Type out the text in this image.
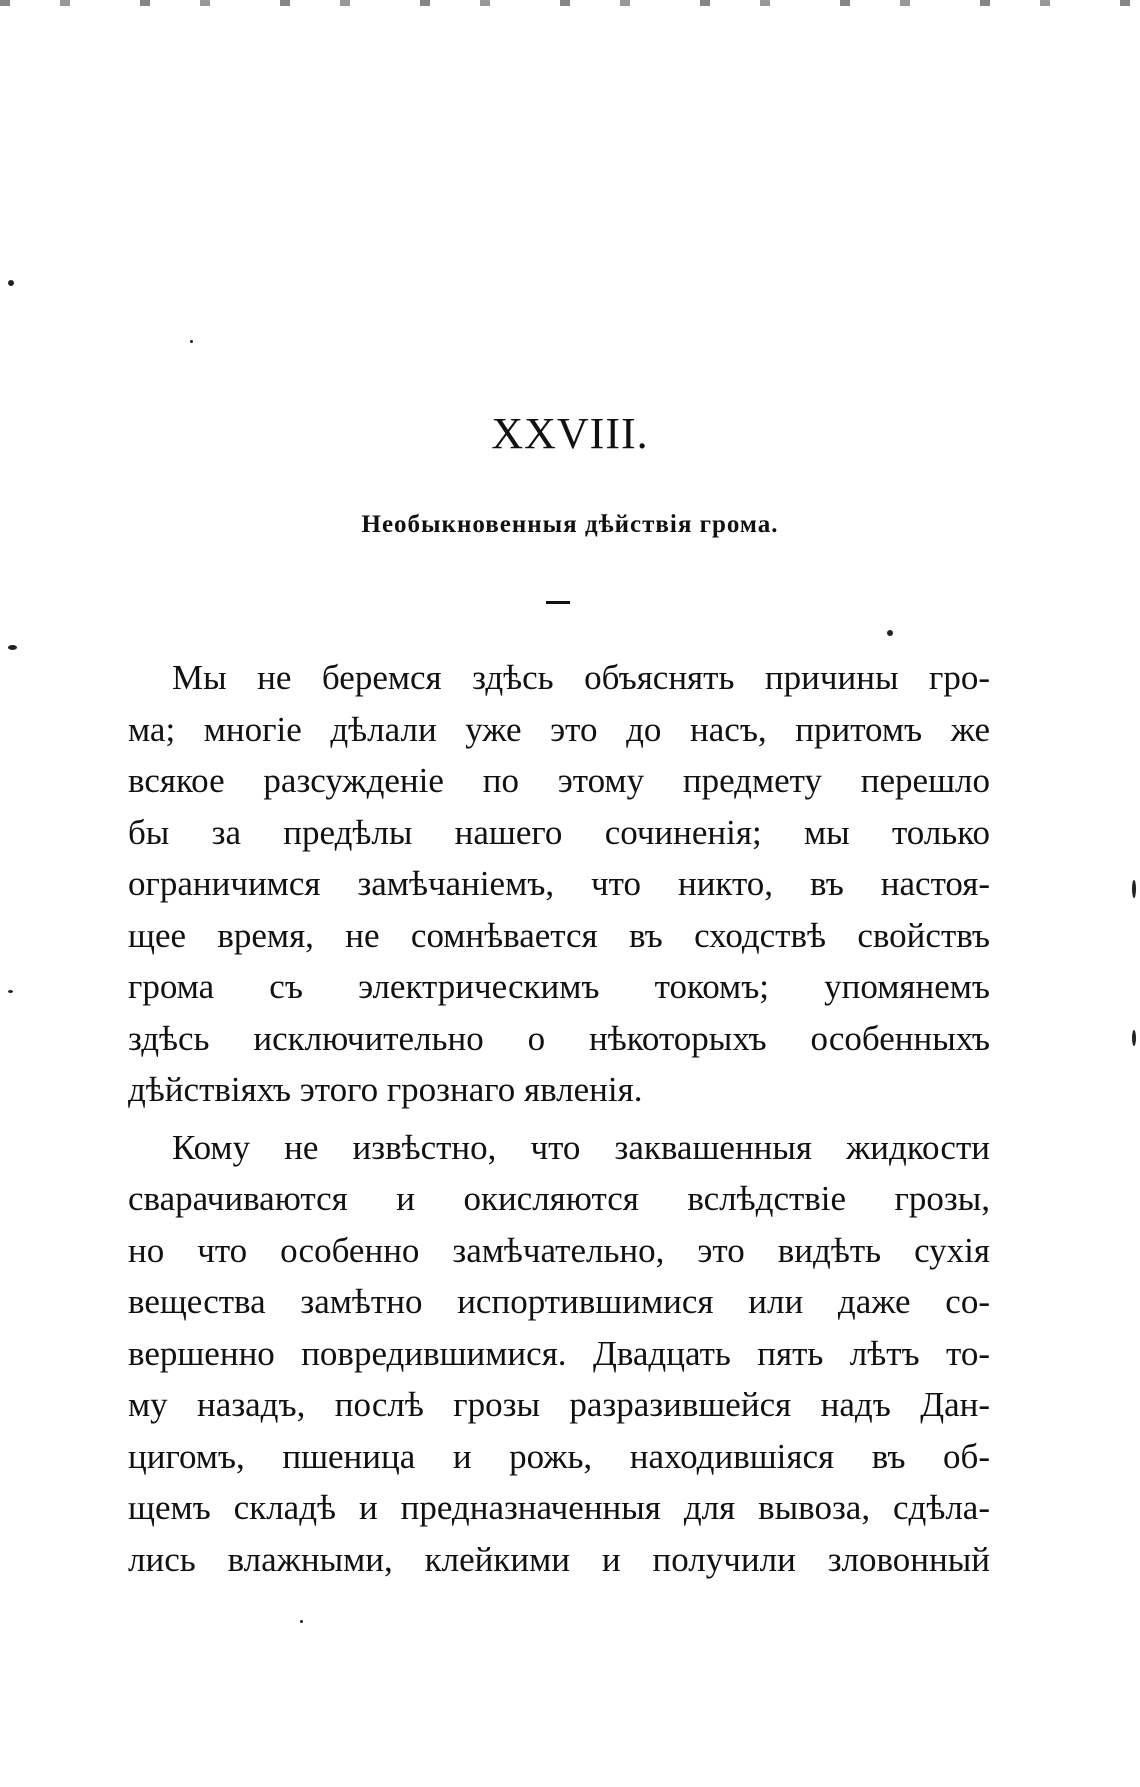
XXVIII.
Необыкновенныя дѣйствія грома.
Мы не беремся здѣсь объяснять причины гро-
ма; многіе дѣлали уже это до насъ, притомъ же
всякое разсужденіе по этому предмету перешло
бы за предѣлы нашего сочиненія; мы только
ограничимся замѣчаніемъ, что никто, въ настоя-
щее время, не сомнѣвается въ сходствѣ свойствъ
грома съ электрическимъ токомъ; упомянемъ
здѣсь исключительно о нѣкоторыхъ особенныхъ
дѣйствіяхъ этого грознаго явленія.
Кому не извѣстно, что заквашенныя жидкости
сварачиваются и окисляются вслѣдствіе грозы,
но что особенно замѣчательно, это видѣть сухія
вещества замѣтно испортившимися или даже со-
вершенно повредившимися. Двадцать пять лѣтъ то-
му назадъ, послѣ грозы разразившейся надъ Дан-
цигомъ, пшеница и рожь, находившіяся въ об-
щемъ складѣ и предназначенныя для вывоза, сдѣла-
лись влажными, клейкими и получили зловонный
